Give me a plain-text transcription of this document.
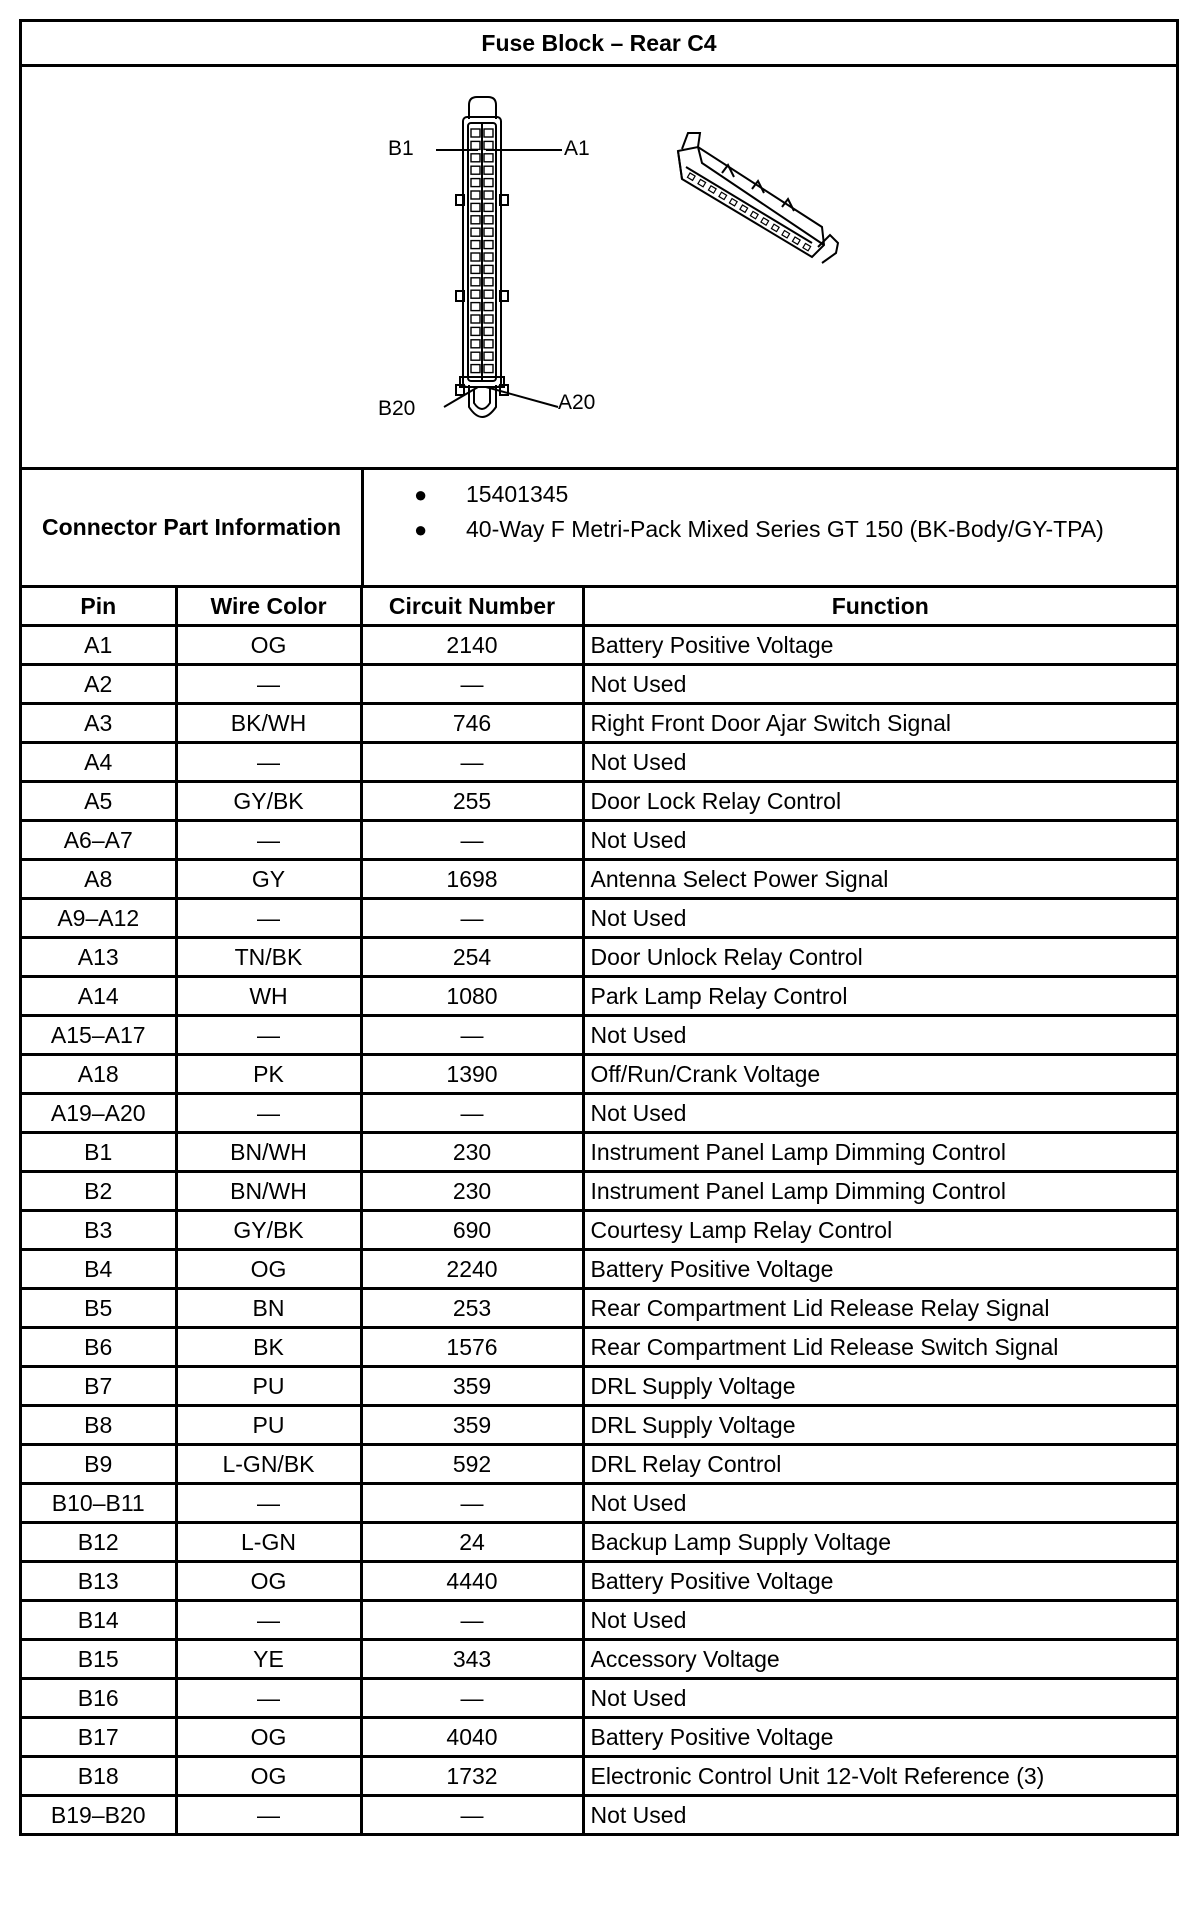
Fuse Block – Rear C4
B1	A1
B20	A20
Connector Part Information
●	15401345
●	40-Way F Metri-Pack Mixed Series GT 150 (BK-Body/GY-TPA)
Pin	Wire Color	Circuit Number	Function
A1	OG	2140	Battery Positive Voltage
A2	—	—	Not Used
A3	BK/WH	746	Right Front Door Ajar Switch Signal
A4	—	—	Not Used
A5	GY/BK	255	Door Lock Relay Control
A6–A7	—	—	Not Used
A8	GY	1698	Antenna Select Power Signal
A9–A12	—	—	Not Used
A13	TN/BK	254	Door Unlock Relay Control
A14	WH	1080	Park Lamp Relay Control
A15–A17	—	—	Not Used
A18	PK	1390	Off/Run/Crank Voltage
A19–A20	—	—	Not Used
B1	BN/WH	230	Instrument Panel Lamp Dimming Control
B2	BN/WH	230	Instrument Panel Lamp Dimming Control
B3	GY/BK	690	Courtesy Lamp Relay Control
B4	OG	2240	Battery Positive Voltage
B5	BN	253	Rear Compartment Lid Release Relay Signal
B6	BK	1576	Rear Compartment Lid Release Switch Signal
B7	PU	359	DRL Supply Voltage
B8	PU	359	DRL Supply Voltage
B9	L-GN/BK	592	DRL Relay Control
B10–B11	—	—	Not Used
B12	L-GN	24	Backup Lamp Supply Voltage
B13	OG	4440	Battery Positive Voltage
B14	—	—	Not Used
B15	YE	343	Accessory Voltage
B16	—	—	Not Used
B17	OG	4040	Battery Positive Voltage
B18	OG	1732	Electronic Control Unit 12-Volt Reference (3)
B19–B20	—	—	Not Used
